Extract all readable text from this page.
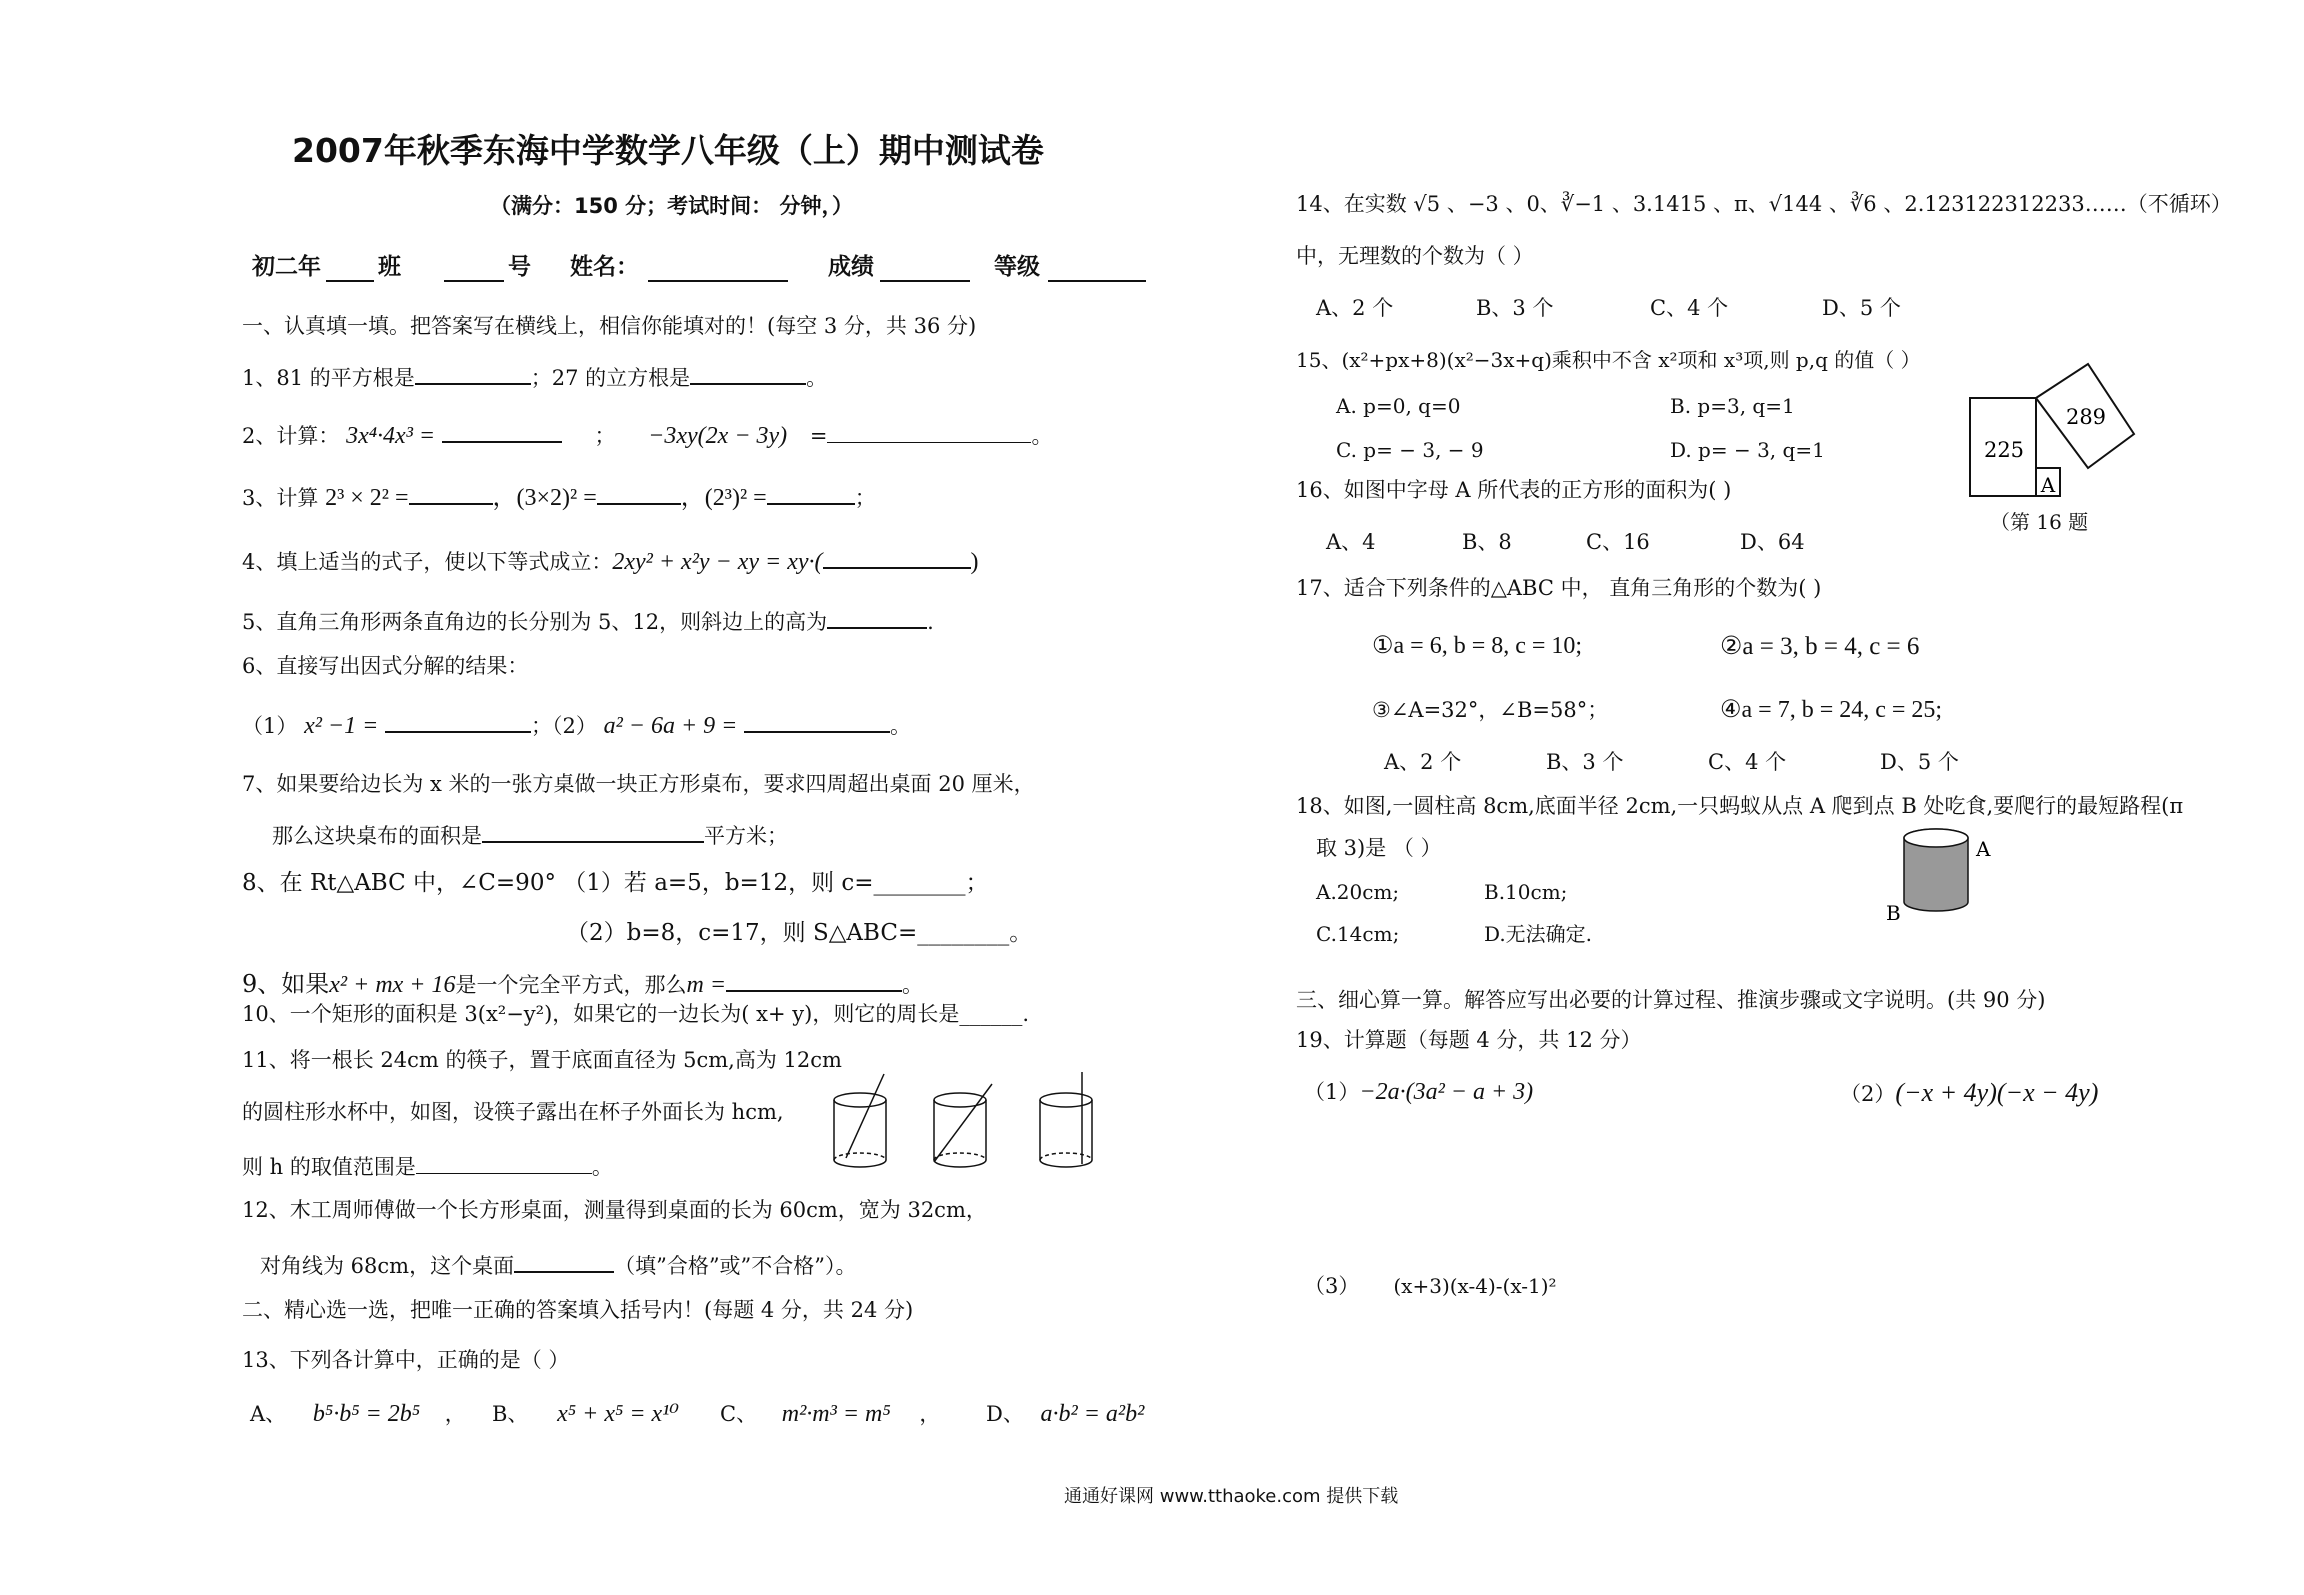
2007年秋季东海中学数学八年级（上）期中测试卷
（满分：150 分；考试时间： 分钟，）
初二年 班	号 姓名：	成绩	等级
一、认真填一填。把答案写在横线上，相信你能填对的！(每空 3 分，共 36 分)
1、81 的平方根是	；27 的立方根是	。
2、计算： 3x⁴·4x³ =	； −3xy(2x − 3y) =	。
3、计算 2³ × 2² =	，(3×2)² =	，(2³)² =	；
4、填上适当的式子，使以下等式成立：2xy² + x²y − xy = xy·(	)
5、直角三角形两条直角边的长分别为 5、12，则斜边上的高为	.
6、直接写出因式分解的结果：
（1） x² −1 =	；（2） a² − 6a + 9 =	。
7、如果要给边长为 x 米的一张方桌做一块正方形桌布，要求四周超出桌面 20 厘米，
那么这块桌布的面积是	平方米；
8、在 Rt△ABC 中，∠C=90° （1）若 a=5，b=12，则 c=________；
（2）b=8，c=17，则 S△ABC=________。
9、如果x² + mx + 16是一个完全平方式，那么m =	。
10、一个矩形的面积是 3(x²−y²)，如果它的一边长为( x+ y)，则它的周长是______.
11、将一根长 24cm 的筷子，置于底面直径为 5cm,高为 12cm
的圆柱形水杯中，如图，设筷子露出在杯子外面长为 hcm,
则 h 的取值范围是	。
12、木工周师傅做一个长方形桌面，测量得到桌面的长为 60cm，宽为 32cm，
对角线为 68cm，这个桌面	（填”合格”或”不合格”）。
二、精心选一选，把唯一正确的答案填入括号内！(每题 4 分，共 24 分)
13、下列各计算中，正确的是（ ）
A、 b⁵·b⁵ = 2b⁵ ， B、 x⁵ + x⁵ = x¹⁰ C、 m²·m³ = m⁵ ， D、 a·b² = a²b²
14、在实数 √5 、−3 、0、∛−1 、3.1415 、π、√144 、∛6 、2.123122312233……（不循环）
中，无理数的个数为（ ）
A、2 个	B、3 个	C、4 个	D、5 个
15、(x²+px+8)(x²−3x+q)乘积中不含 x²项和 x³项,则 p,q 的值（ ）
A. p=0, q=0	B. p=3, q=1
C. p= − 3, − 9	D. p= − 3, q=1
16、如图中字母 A 所代表的正方形的面积为( )
A、4	B、8	C、16	D、64
225
289
A
（第 16 题
17、适合下列条件的△ABC 中， 直角三角形的个数为( )
①a = 6, b = 8, c = 10;	②a = 3, b = 4, c = 6
③∠A=32°，∠B=58°；	④a = 7, b = 24, c = 25;
A、2 个	B、3 个	C、4 个	D、5 个
18、如图,一圆柱高 8cm,底面半径 2cm,一只蚂蚁从点 A 爬到点 B 处吃食,要爬行的最短路程(π
取 3)是 （ ）
A.20cm;	B.10cm;
C.14cm;	D.无法确定.
A
B
三、细心算一算。解答应写出必要的计算过程、推演步骤或文字说明。(共 90 分)
19、计算题（每题 4 分，共 12 分）
（1）−2a·(3a² − a + 3)	（2）(−x + 4y)(−x − 4y)
（3） (x+3)(x-4)-(x-1)²
通通好课网 www.tthaoke.com 提供下载
